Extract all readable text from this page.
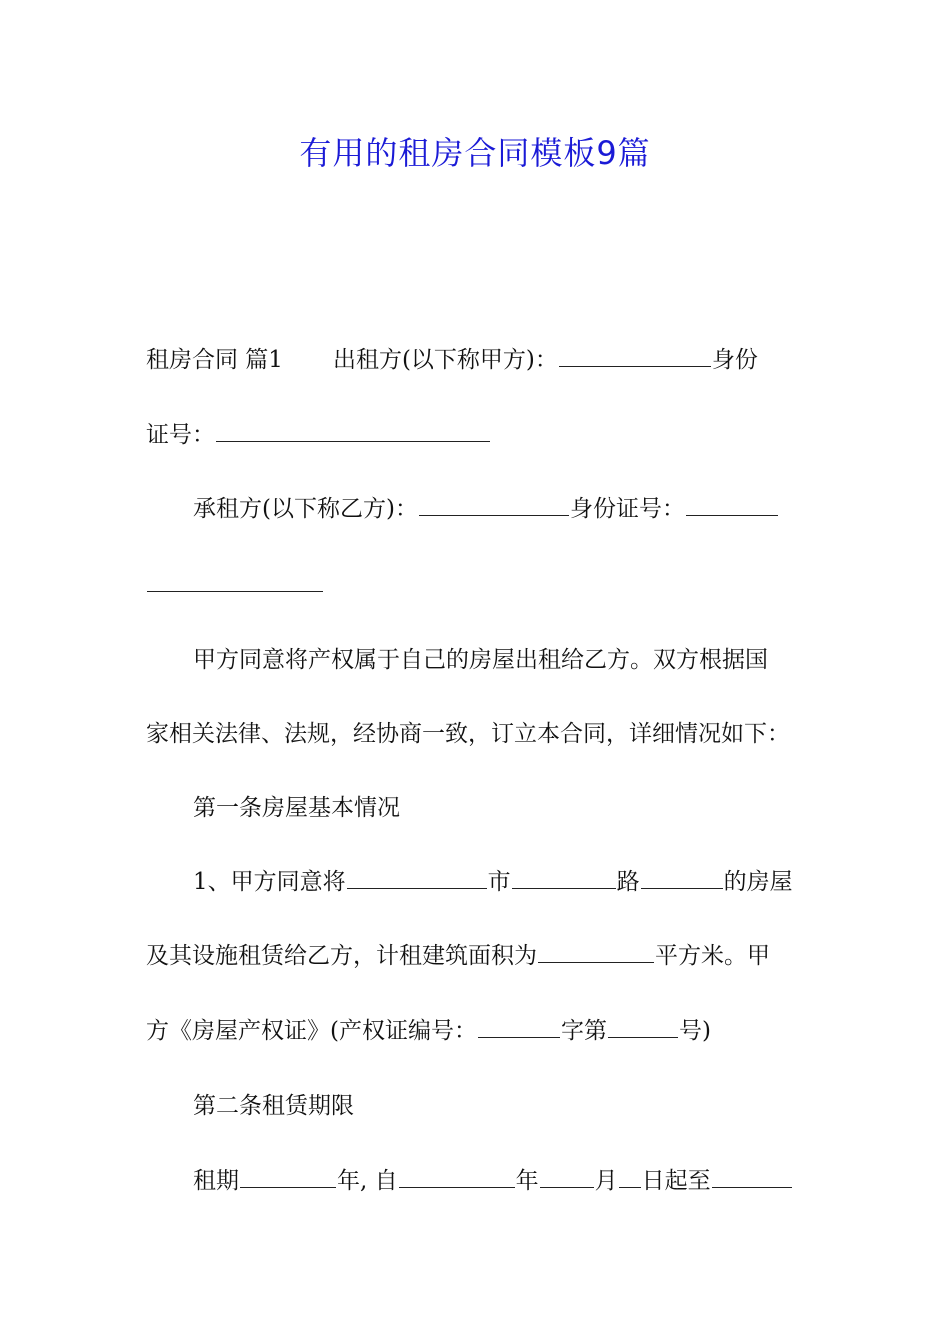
有用的租房合同模板9篇
租房合同 篇1 出租方(以下称甲方)：	身份
证号：
承租方(以下称乙方)：	身份证号：
甲方同意将产权属于自己的房屋出租给乙方。双方根据国
家相关法律、法规，经协商一致，订立本合同，详细情况如下：
第一条房屋基本情况
1、甲方同意将	市	路	的房屋
及其设施租赁给乙方，计租建筑面积为	平方米。甲
方《房屋产权证》(产权证编号：	字第	号)
第二条租赁期限
租期	年, 自	年 月 日起至
